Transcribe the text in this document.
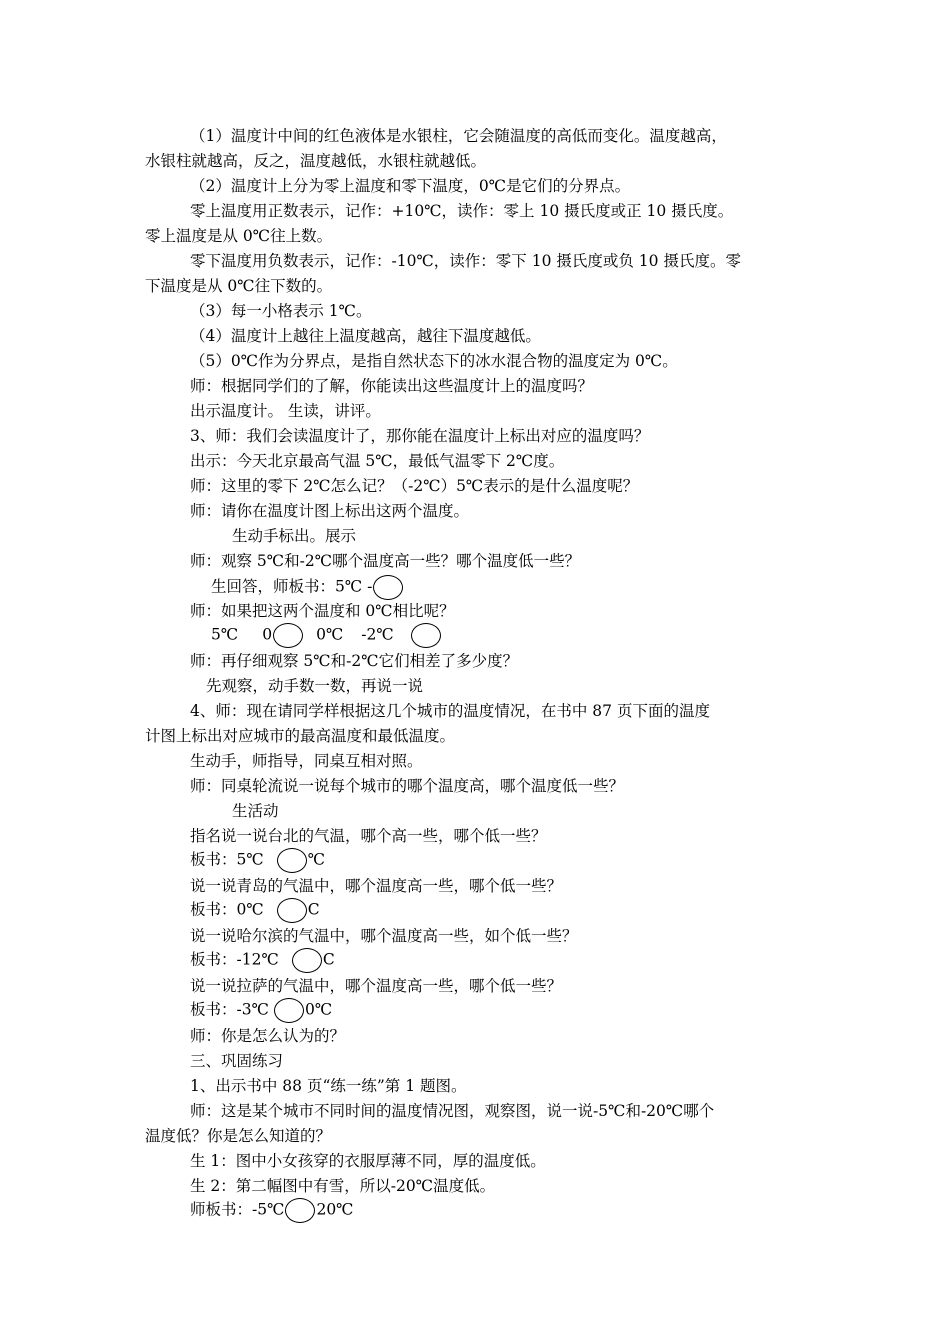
（1）温度计中间的红色液体是水银柱，它会随温度的高低而变化。温度越高，
水银柱就越高，反之，温度越低，水银柱就越低。
（2）温度计上分为零上温度和零下温度，0℃是它们的分界点。
零上温度用正数表示，记作：+10℃，读作：零上 10 摄氏度或正 10 摄氏度。
零上温度是从 0℃往上数。
零下温度用负数表示，记作：-10℃，读作：零下 10 摄氏度或负 10 摄氏度。零
下温度是从 0℃往下数的。
（3）每一小格表示 1℃。
（4）温度计上越往上温度越高，越往下温度越低。
（5）0℃作为分界点，是指自然状态下的冰水混合物的温度定为 0℃。
师：根据同学们的了解，你能读出这些温度计上的温度吗？
出示温度计。 生读，讲评。
3、师：我们会读温度计了，那你能在温度计上标出对应的温度吗？
出示：今天北京最高气温 5℃，最低气温零下 2℃度。
师：这里的零下 2℃怎么记？（-2℃）5℃表示的是什么温度呢？
师：请你在温度计图上标出这两个温度。
生动手标出。展示
师：观察 5℃和-2℃哪个温度高一些？哪个温度低一些？
生回答，师板书：5℃ -
师：如果把这两个温度和 0℃相比呢？
5℃ 0	0℃ -2℃
师：再仔细观察 5℃和-2℃它们相差了多少度？
先观察，动手数一数，再说一说
4、师：现在请同学样根据这几个城市的温度情况，在书中 87 页下面的温度
计图上标出对应城市的最高温度和最低温度。
生动手，师指导，同桌互相对照。
师：同桌轮流说一说每个城市的哪个温度高，哪个温度低一些？
生活动
指名说一说台北的气温，哪个高一些，哪个低一些？
板书：5℃	℃
说一说青岛的气温中，哪个温度高一些，哪个低一些？
板书：0℃	C
说一说哈尔滨的气温中，哪个温度高一些，如个低一些？
板书：-12℃	C
说一说拉萨的气温中，哪个温度高一些，哪个低一些？
板书：-3℃ 0℃
师：你是怎么认为的？
三、巩固练习
1、出示书中 88 页“练一练”第 1 题图。
师：这是某个城市不同时间的温度情况图，观察图，说一说-5℃和-20℃哪个
温度低？你是怎么知道的？
生 1：图中小女孩穿的衣服厚薄不同，厚的温度低。
生 2：第二幅图中有雪，所以-20℃温度低。
师板书：-5℃ 20℃
